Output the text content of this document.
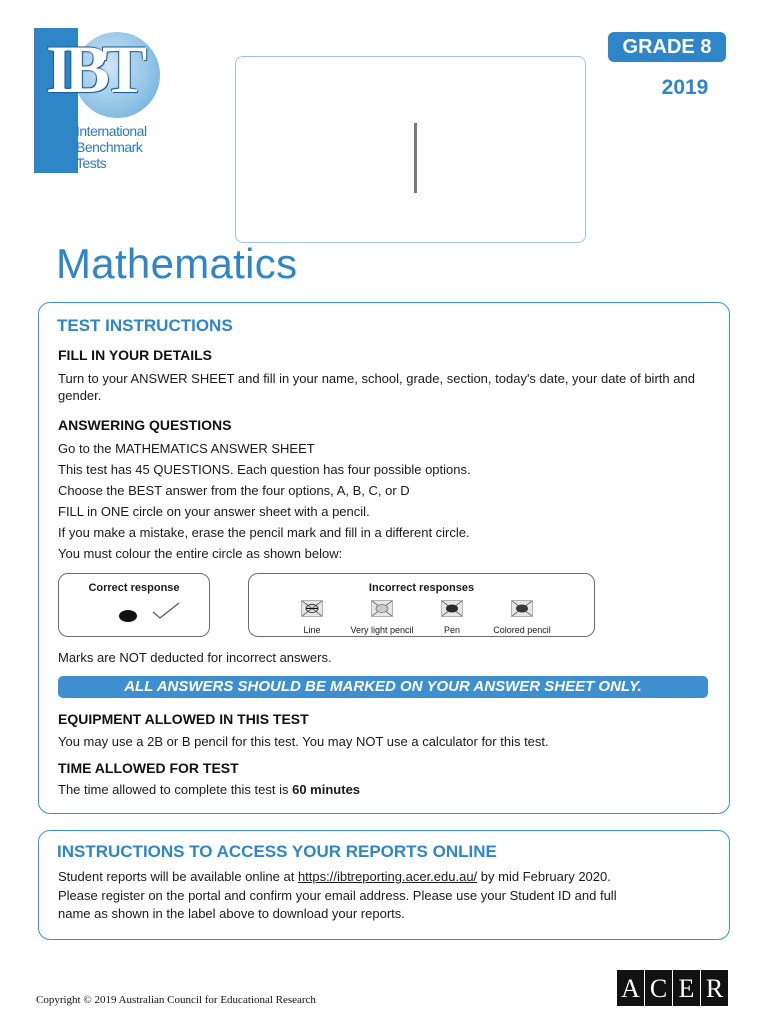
IBT
International
Benchmark
Tests
GRADE 8
2019
Mathematics
TEST INSTRUCTIONS
FILL IN YOUR DETAILS
Turn to your ANSWER SHEET and fill in your name, school, grade, section, today's date, your date of birth and gender.
ANSWERING QUESTIONS
Go to the MATHEMATICS ANSWER SHEET
This test has 45 QUESTIONS. Each question has four possible options.
Choose the BEST answer from the four options, A, B, C, or D
FILL in ONE circle on your answer sheet with a pencil.
If you make a mistake, erase the pencil mark and fill in a different circle.
You must colour the entire circle as shown below:
Correct response	Incorrect responses
Line	Very light pencil	Pen	Colored pencil
Marks are NOT deducted for incorrect answers.
ALL ANSWERS SHOULD BE MARKED ON YOUR ANSWER SHEET ONLY.
EQUIPMENT ALLOWED IN THIS TEST
You may use a 2B or B pencil for this test. You may NOT use a calculator for this test.
TIME ALLOWED FOR TEST
The time allowed to complete this test is 60 minutes
INSTRUCTIONS TO ACCESS YOUR REPORTS ONLINE
Student reports will be available online at https://ibtreporting.acer.edu.au/ by mid February 2020.
Please register on the portal and confirm your email address. Please use your Student ID and full
name as shown in the label above to download your reports.
Copyright © 2019 Australian Council for Educational Research	A C E R
